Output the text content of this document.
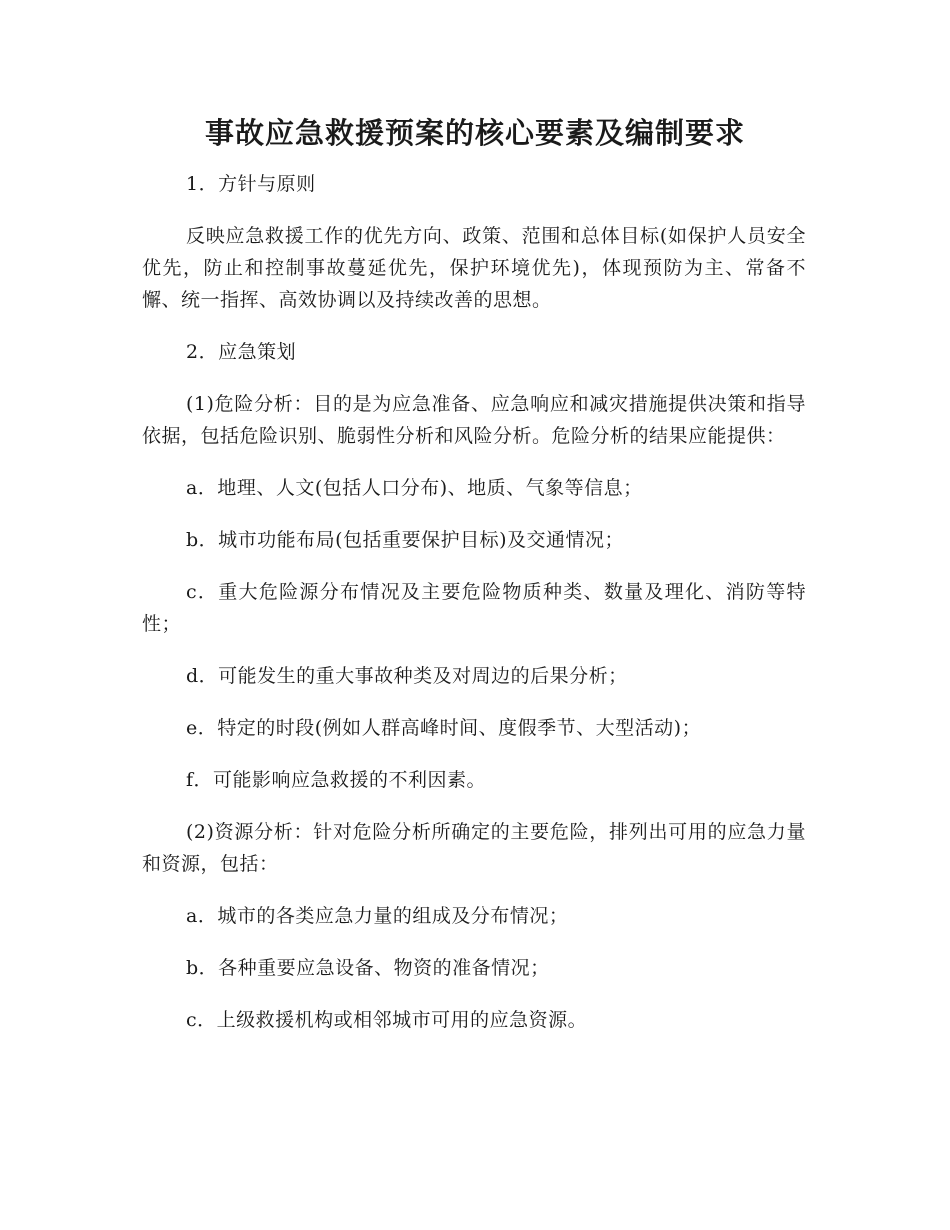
事故应急救援预案的核心要素及编制要求

1．方针与原则

反映应急救援工作的优先方向、政策、范围和总体目标(如保护人员安全优先，防止和控制事故蔓延优先，保护环境优先)，体现预防为主、常备不懈、统一指挥、高效协调以及持续改善的思想。

2．应急策划

(1)危险分析：目的是为应急准备、应急响应和减灾措施提供决策和指导依据，包括危险识别、脆弱性分析和风险分析。危险分析的结果应能提供：

a．地理、人文(包括人口分布)、地质、气象等信息；

b．城市功能布局(包括重要保护目标)及交通情况；

c．重大危险源分布情况及主要危险物质种类、数量及理化、消防等特性；

d．可能发生的重大事故种类及对周边的后果分析；

e．特定的时段(例如人群高峰时间、度假季节、大型活动)；

f．可能影响应急救援的不利因素。

(2)资源分析：针对危险分析所确定的主要危险，排列出可用的应急力量和资源，包括：

a．城市的各类应急力量的组成及分布情况；

b．各种重要应急设备、物资的准备情况；

c．上级救援机构或相邻城市可用的应急资源。
